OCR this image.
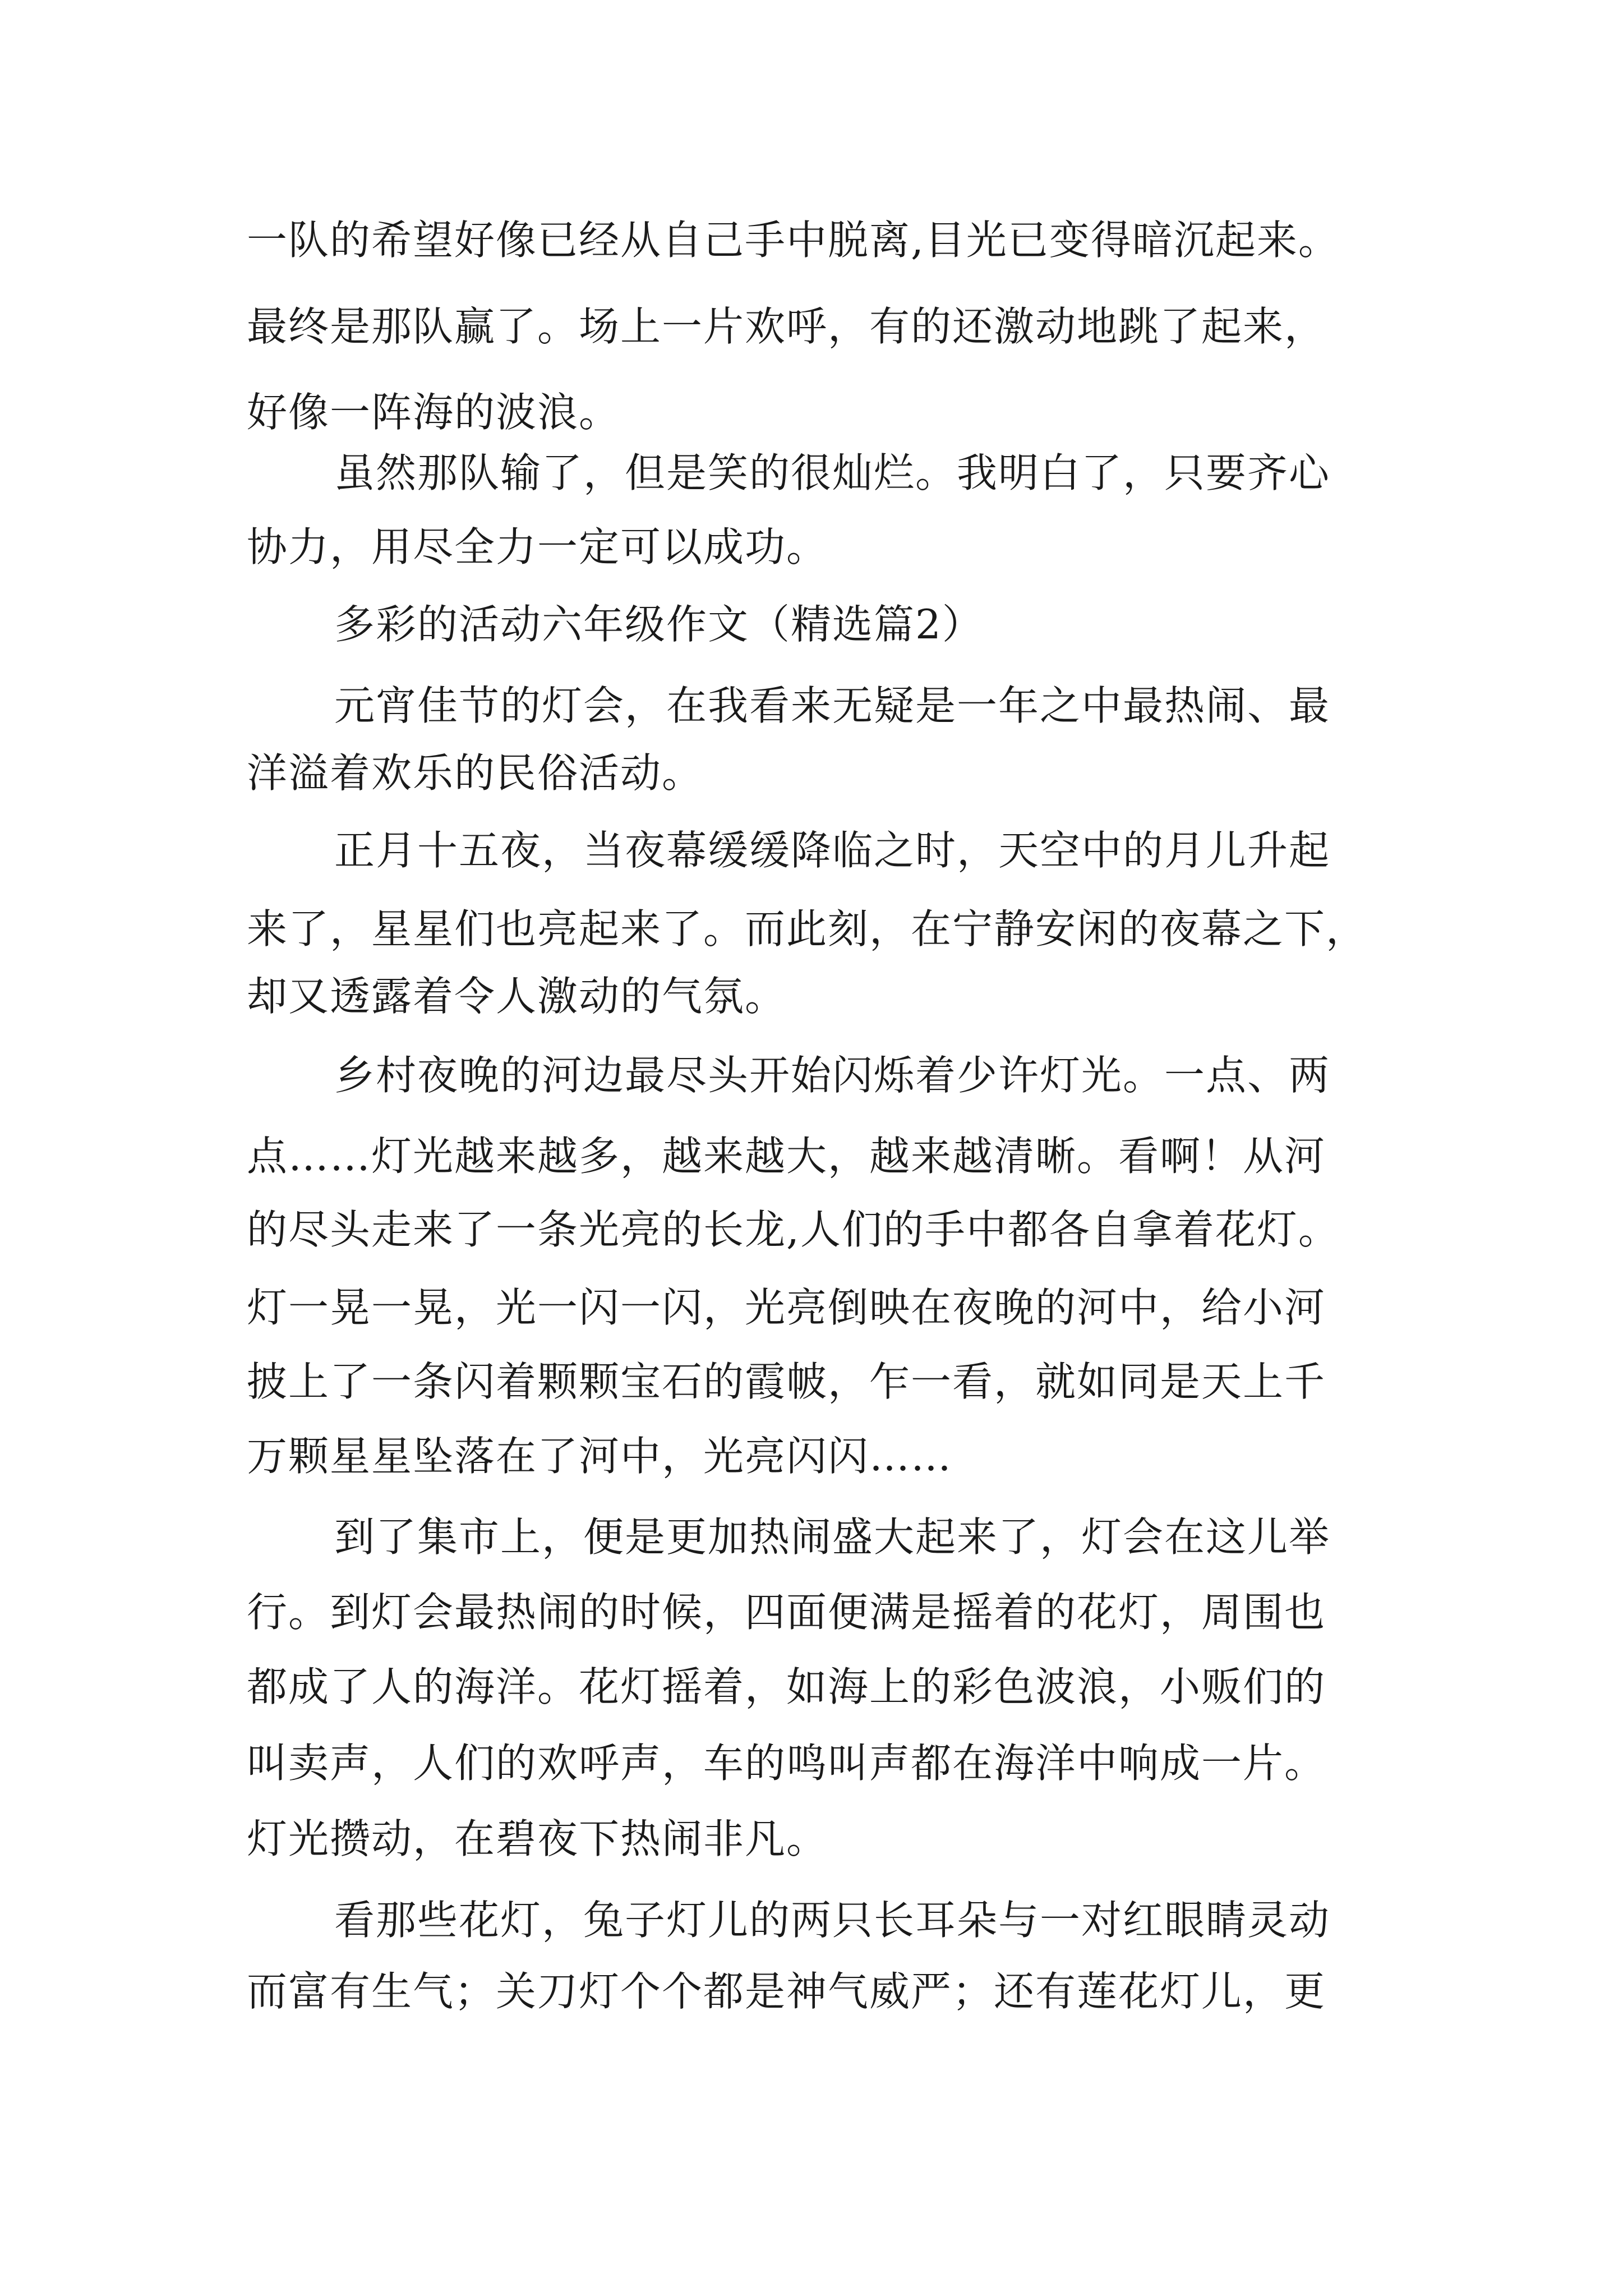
一队的希望好像已经从自己手中脱离,目光已变得暗沉起来。
最终是那队赢了。场上一片欢呼，有的还激动地跳了起来，
好像一阵海的波浪。
虽然那队输了，但是笑的很灿烂。我明白了，只要齐心
协力，用尽全力一定可以成功。
多彩的活动六年级作文（精选篇2）
元宵佳节的灯会，在我看来无疑是一年之中最热闹、最
洋溢着欢乐的民俗活动。
正月十五夜，当夜幕缓缓降临之时，天空中的月儿升起
来了，星星们也亮起来了。而此刻，在宁静安闲的夜幕之下，
却又透露着令人激动的气氛。
乡村夜晚的河边最尽头开始闪烁着少许灯光。一点、两
点……灯光越来越多，越来越大，越来越清晰。看啊！从河
的尽头走来了一条光亮的长龙,人们的手中都各自拿着花灯。
灯一晃一晃，光一闪一闪，光亮倒映在夜晚的河中，给小河
披上了一条闪着颗颗宝石的霞帔，乍一看，就如同是天上千
万颗星星坠落在了河中，光亮闪闪……
到了集市上，便是更加热闹盛大起来了，灯会在这儿举
行。到灯会最热闹的时候，四面便满是摇着的花灯，周围也
都成了人的海洋。花灯摇着，如海上的彩色波浪，小贩们的
叫卖声，人们的欢呼声，车的鸣叫声都在海洋中响成一片。
灯光攒动，在碧夜下热闹非凡。
看那些花灯，兔子灯儿的两只长耳朵与一对红眼睛灵动
而富有生气；关刀灯个个都是神气威严；还有莲花灯儿，更
